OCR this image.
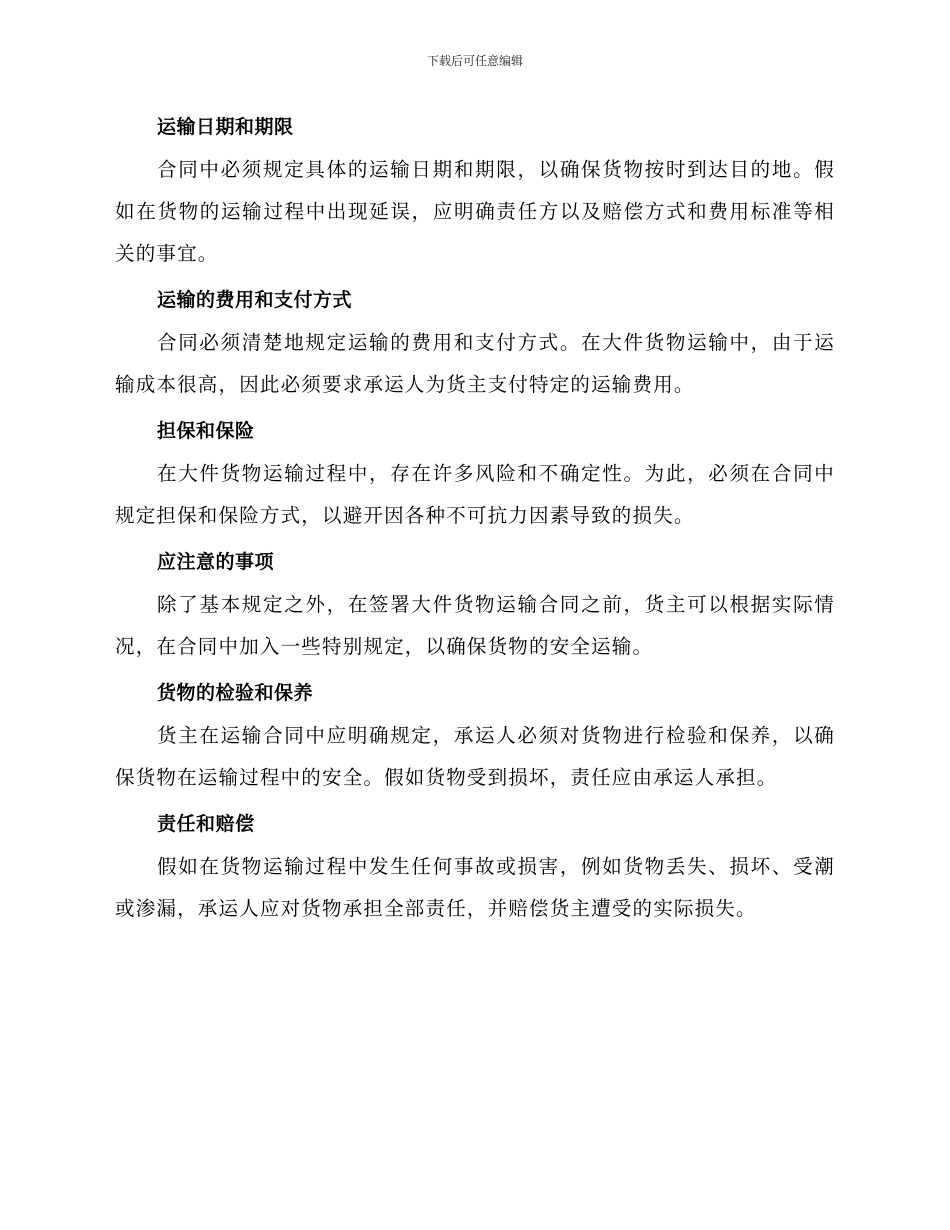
下载后可任意编辑
运输日期和期限

合同中必须规定具体的运输日期和期限，以确保货物按时到达目的地。假如在货物的运输过程中出现延误，应明确责任方以及赔偿方式和费用标准等相关的事宜。

运输的费用和支付方式

合同必须清楚地规定运输的费用和支付方式。在大件货物运输中，由于运输成本很高，因此必须要求承运人为货主支付特定的运输费用。

担保和保险

在大件货物运输过程中，存在许多风险和不确定性。为此，必须在合同中规定担保和保险方式，以避开因各种不可抗力因素导致的损失。

应注意的事项

除了基本规定之外，在签署大件货物运输合同之前，货主可以根据实际情况，在合同中加入一些特别规定，以确保货物的安全运输。

货物的检验和保养

货主在运输合同中应明确规定，承运人必须对货物进行检验和保养，以确保货物在运输过程中的安全。假如货物受到损坏，责任应由承运人承担。

责任和赔偿

假如在货物运输过程中发生任何事故或损害，例如货物丢失、损坏、受潮或渗漏，承运人应对货物承担全部责任，并赔偿货主遭受的实际损失。
